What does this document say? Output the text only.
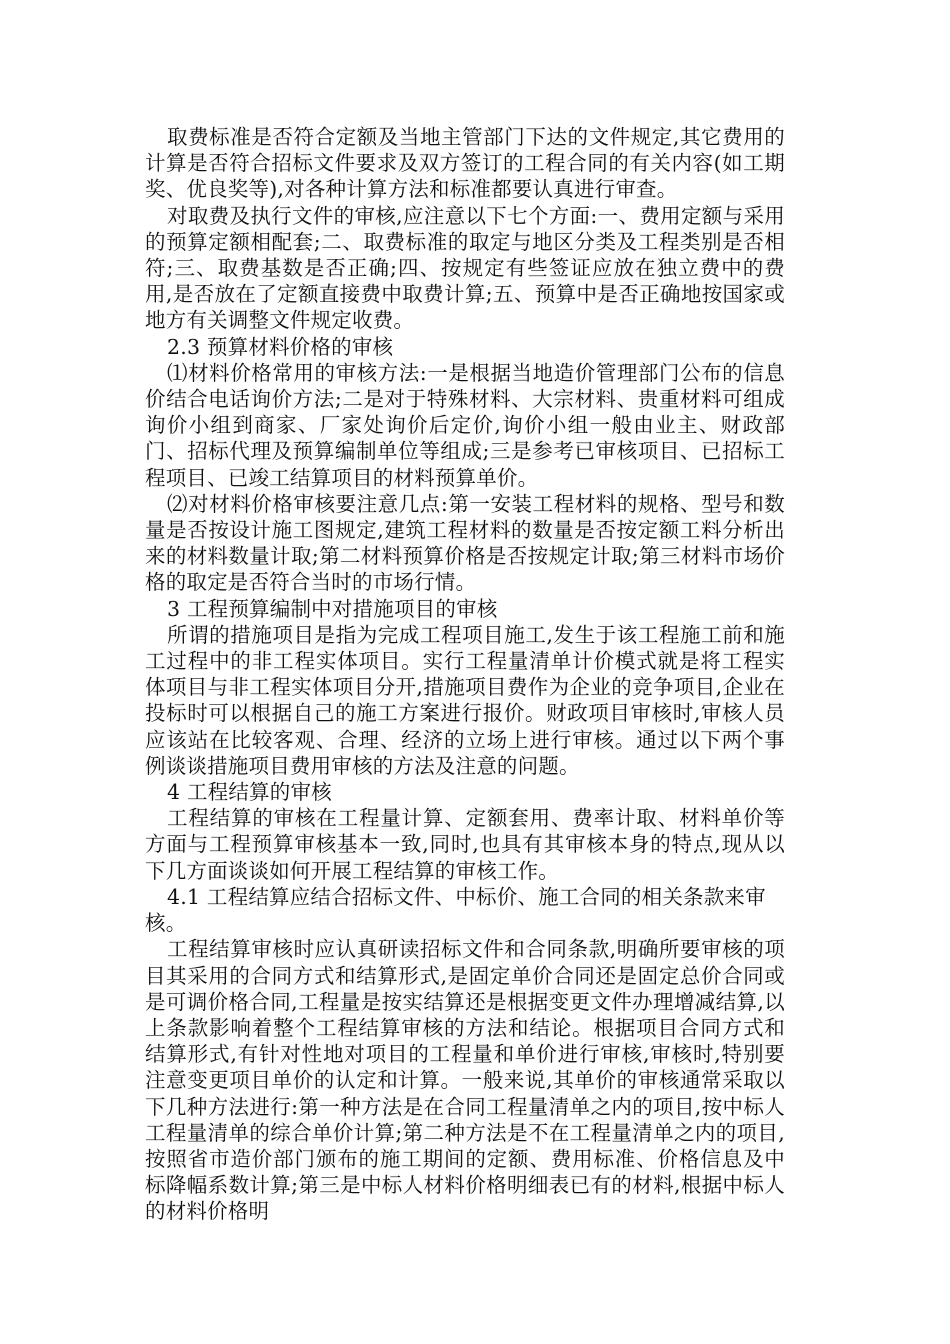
取费标准是否符合定额及当地主管部门下达的文件规定,其它费用的计算是否符合招标文件要求及双方签订的工程合同的有关内容(如工期奖、优良奖等),对各种计算方法和标准都要认真进行审查。

对取费及执行文件的审核,应注意以下七个方面:一、费用定额与采用的预算定额相配套;二、取费标准的取定与地区分类及工程类别是否相符;三、取费基数是否正确;四、按规定有些签证应放在独立费中的费用,是否放在了定额直接费中取费计算;五、预算中是否正确地按国家或地方有关调整文件规定收费。

2.3 预算材料价格的审核

⑴材料价格常用的审核方法:一是根据当地造价管理部门公布的信息价结合电话询价方法;二是对于特殊材料、大宗材料、贵重材料可组成询价小组到商家、厂家处询价后定价,询价小组一般由业主、财政部门、招标代理及预算编制单位等组成;三是参考已审核项目、已招标工程项目、已竣工结算项目的材料预算单价。

⑵对材料价格审核要注意几点:第一安装工程材料的规格、型号和数量是否按设计施工图规定,建筑工程材料的数量是否按定额工料分析出来的材料数量计取;第二材料预算价格是否按规定计取;第三材料市场价格的取定是否符合当时的市场行情。

3 工程预算编制中对措施项目的审核

所谓的措施项目是指为完成工程项目施工,发生于该工程施工前和施工过程中的非工程实体项目。实行工程量清单计价模式就是将工程实体项目与非工程实体项目分开,措施项目费作为企业的竞争项目,企业在投标时可以根据自己的施工方案进行报价。财政项目审核时,审核人员应该站在比较客观、合理、经济的立场上进行审核。通过以下两个事例谈谈措施项目费用审核的方法及注意的问题。

4 工程结算的审核

工程结算的审核在工程量计算、定额套用、费率计取、材料单价等方面与工程预算审核基本一致,同时,也具有其审核本身的特点,现从以下几方面谈谈如何开展工程结算的审核工作。

4.1 工程结算应结合招标文件、中标价、施工合同的相关条款来审核。

工程结算审核时应认真研读招标文件和合同条款,明确所要审核的项目其采用的合同方式和结算形式,是固定单价合同还是固定总价合同或是可调价格合同,工程量是按实结算还是根据变更文件办理增减结算,以上条款影响着整个工程结算审核的方法和结论。根据项目合同方式和结算形式,有针对性地对项目的工程量和单价进行审核,审核时,特别要注意变更项目单价的认定和计算。一般来说,其单价的审核通常采取以下几种方法进行:第一种方法是在合同工程量清单之内的项目,按中标人工程量清单的综合单价计算;第二种方法是不在工程量清单之内的项目,按照省市造价部门颁布的施工期间的定额、费用标准、价格信息及中标降幅系数计算;第三是中标人材料价格明细表已有的材料,根据中标人的材料价格明
